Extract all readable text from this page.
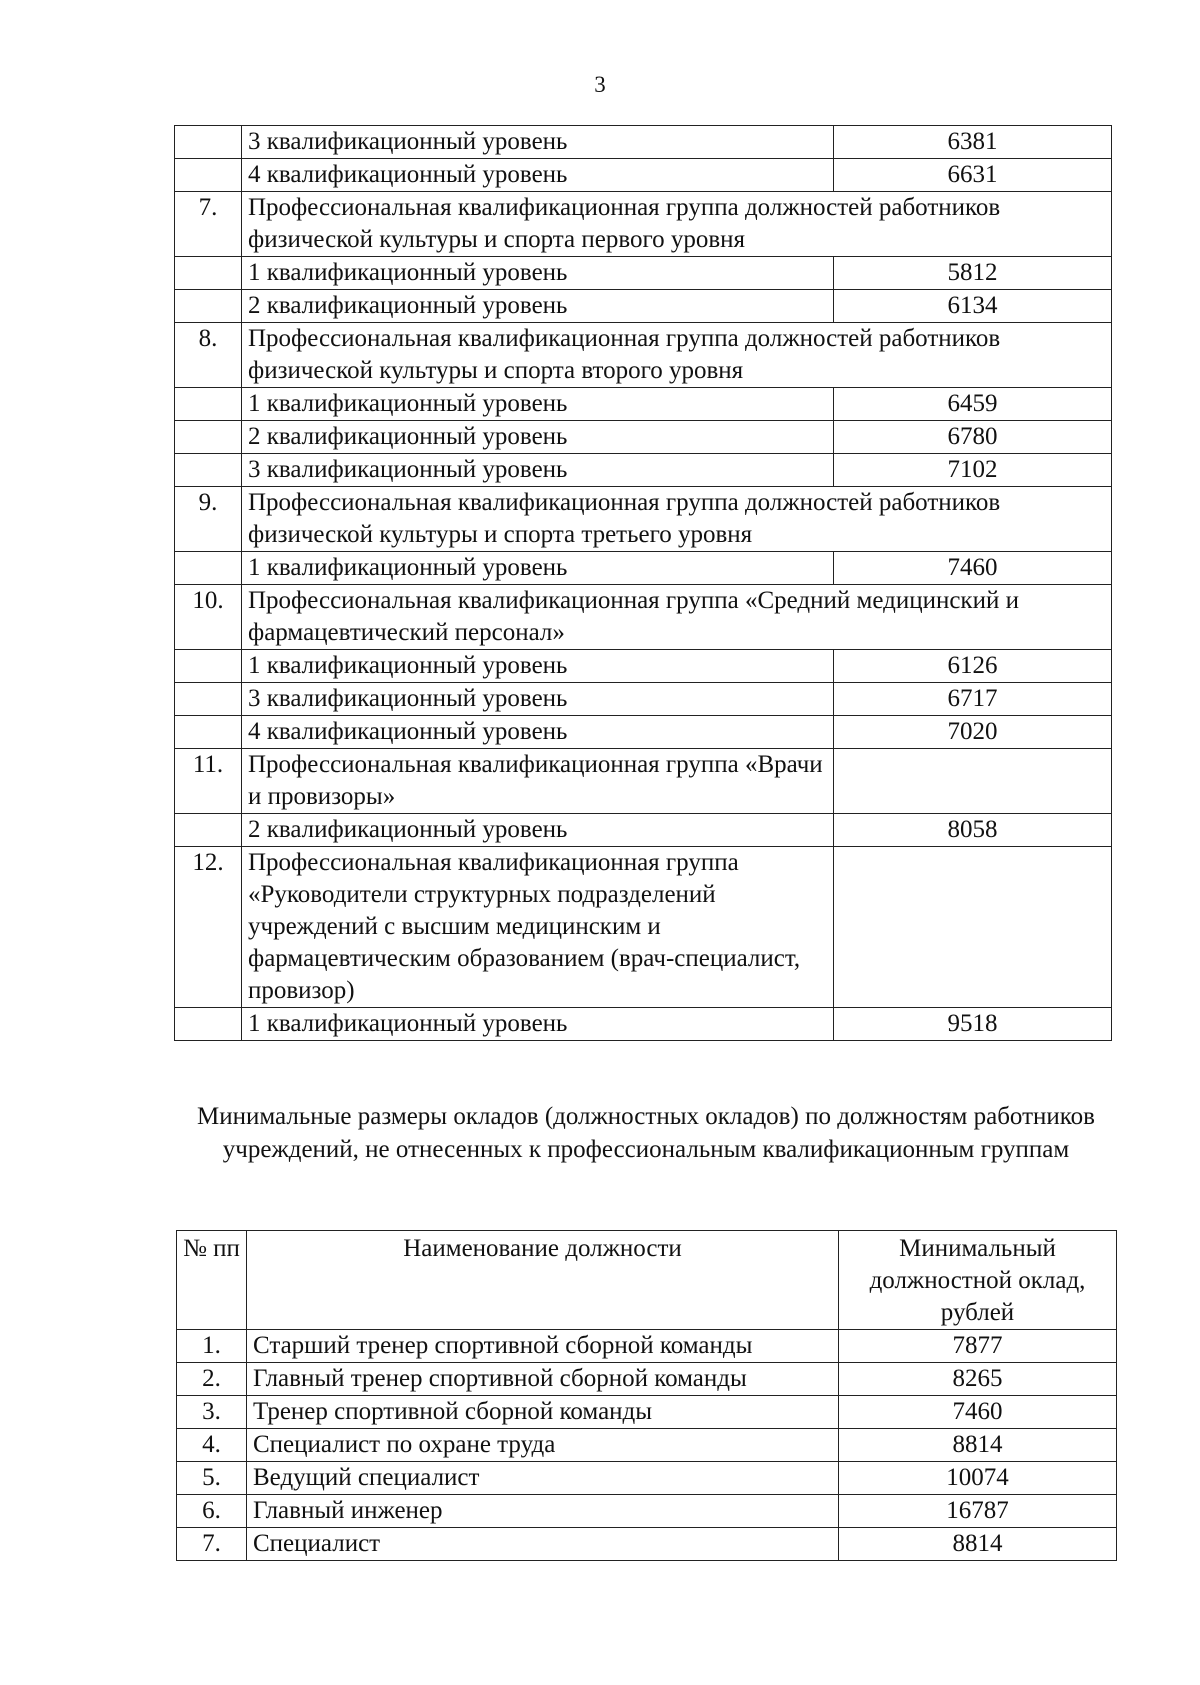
3
	3 квалификационный уровень	6381
	4 квалификационный уровень	6631
7.	Профессиональная квалификационная группа должностей работников физической культуры и спорта первого уровня	
	1 квалификационный уровень	5812
	2 квалификационный уровень	6134
8.	Профессиональная квалификационная группа должностей работников физической культуры и спорта второго уровня	
	1 квалификационный уровень	6459
	2 квалификационный уровень	6780
	3 квалификационный уровень	7102
9.	Профессиональная квалификационная группа должностей работников физической культуры и спорта третьего уровня	
	1 квалификационный уровень	7460
10.	Профессиональная квалификационная группа «Средний медицинский и фармацевтический персонал»	
	1 квалификационный уровень	6126
	3 квалификационный уровень	6717
	4 квалификационный уровень	7020
11.	Профессиональная квалификационная группа «Врачи и провизоры»	
	2 квалификационный уровень	8058
12.	Профессиональная квалификационная группа «Руководители структурных подразделений учреждений с высшим медицинским и фармацевтическим образованием (врач-специалист, провизор)	
	1 квалификационный уровень	9518
Минимальные размеры окладов (должностных окладов) по должностям работников учреждений, не отнесенных к профессиональным квалификационным группам
№ пп	Наименование должности	Минимальный должностной оклад, рублей
1.	Старший тренер спортивной сборной команды	7877
2.	Главный тренер спортивной сборной команды	8265
3.	Тренер спортивной сборной команды	7460
4.	Специалист по охране труда	8814
5.	Ведущий специалист	10074
6.	Главный инженер	16787
7.	Специалист	8814
